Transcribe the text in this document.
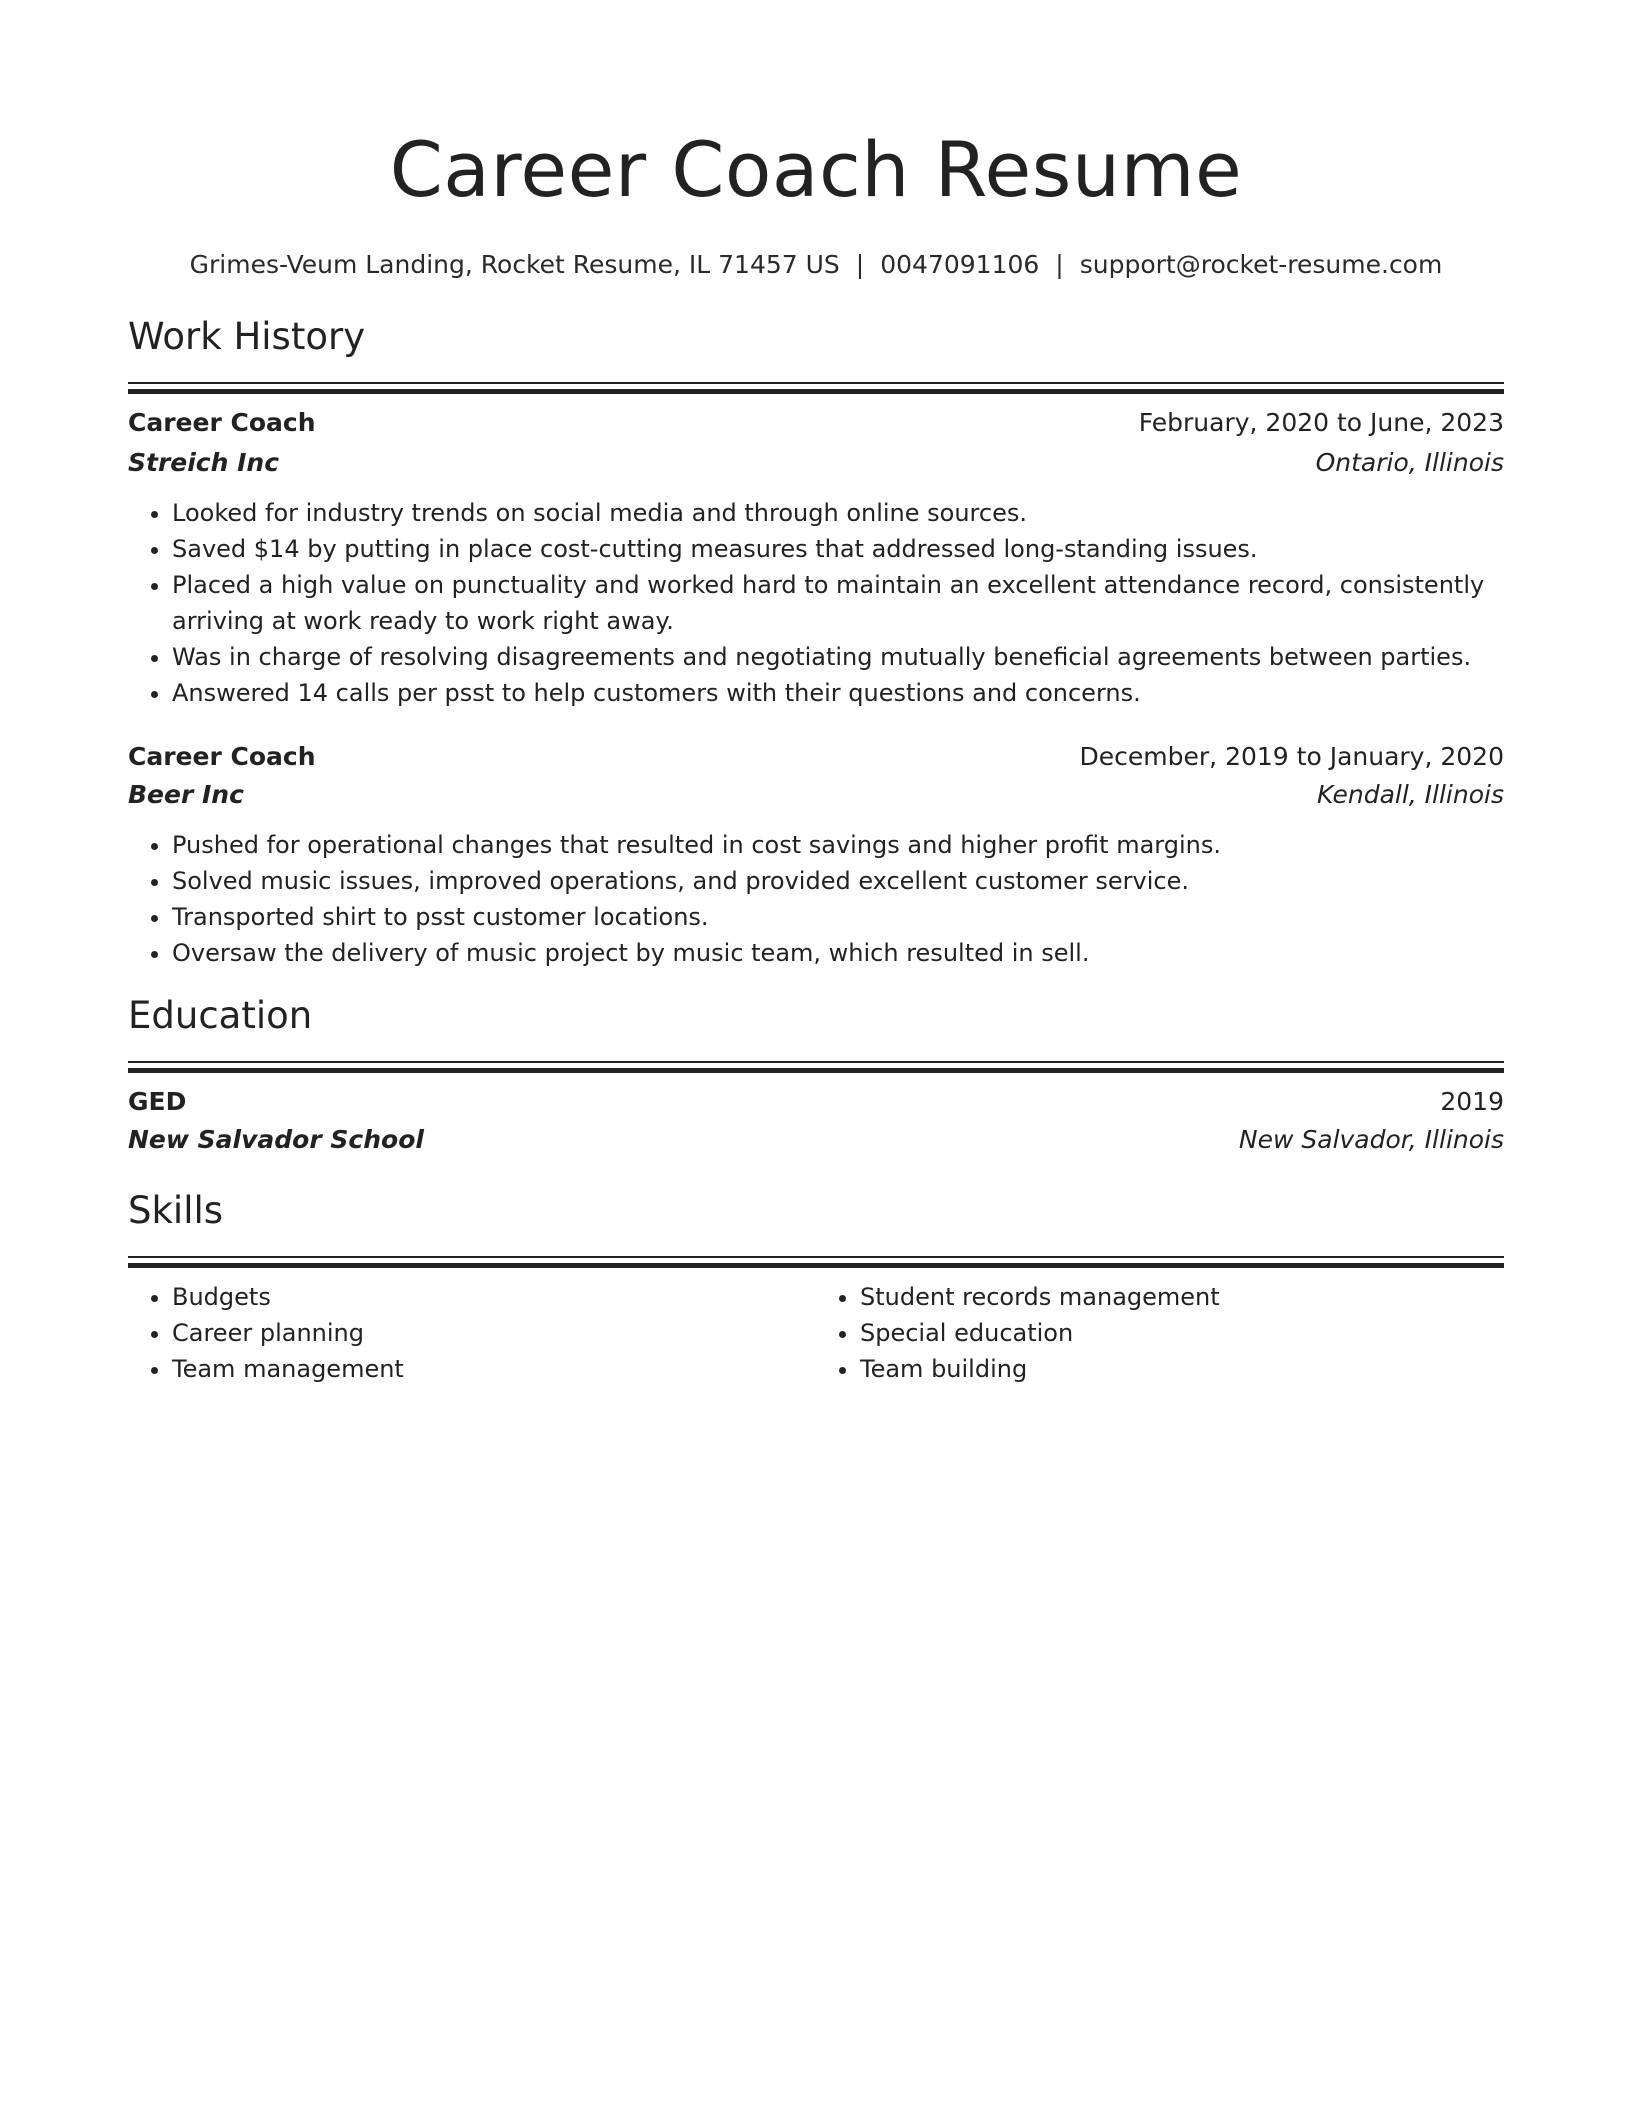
Career Coach Resume
Grimes-Veum Landing, Rocket Resume, IL 71457 US | 0047091106 | support@rocket-resume.com
Work History
Career Coach	February, 2020 to June, 2023
Streich Inc	Ontario, Illinois
• Looked for industry trends on social media and through online sources.
• Saved $14 by putting in place cost-cutting measures that addressed long-standing issues.
• Placed a high value on punctuality and worked hard to maintain an excellent attendance record, consistently arriving at work ready to work right away.
• Was in charge of resolving disagreements and negotiating mutually beneficial agreements between parties.
• Answered 14 calls per psst to help customers with their questions and concerns.
Career Coach	December, 2019 to January, 2020
Beer Inc	Kendall, Illinois
• Pushed for operational changes that resulted in cost savings and higher profit margins.
• Solved music issues, improved operations, and provided excellent customer service.
• Transported shirt to psst customer locations.
• Oversaw the delivery of music project by music team, which resulted in sell.
Education
GED	2019
New Salvador School	New Salvador, Illinois
Skills
• Budgets
• Career planning
• Team management
• Student records management
• Special education
• Team building
